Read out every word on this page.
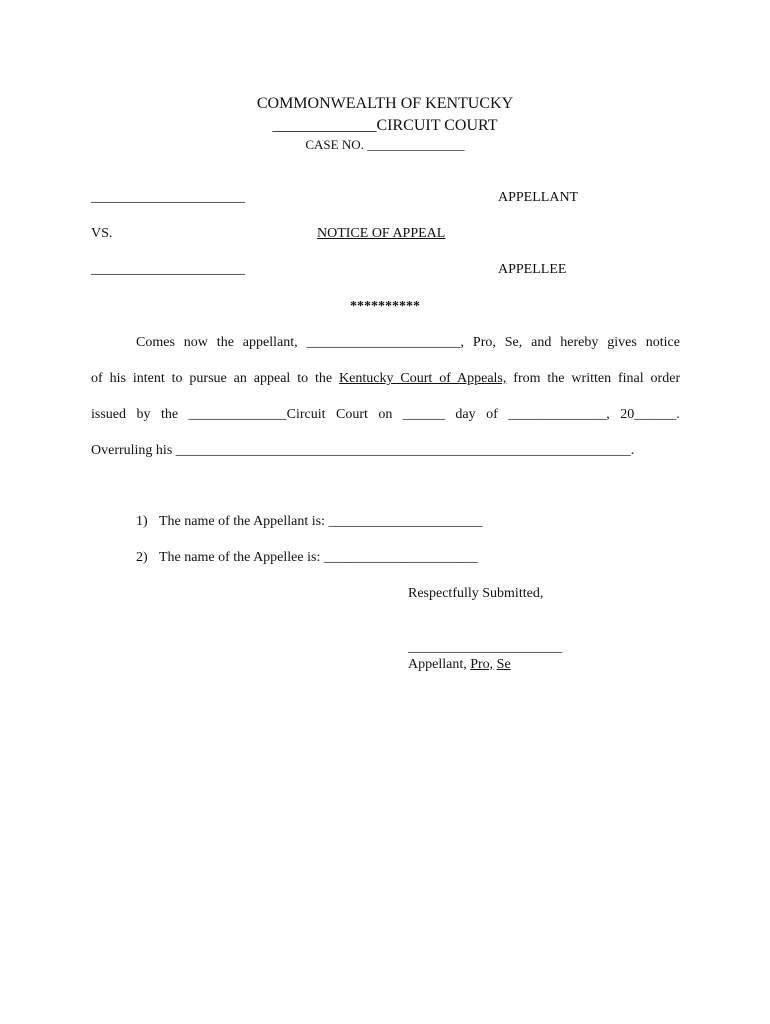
COMMONWEALTH OF KENTUCKY
_____________CIRCUIT COURT
CASE NO. _______________
______________________	APPELLANT
VS.	NOTICE OF APPEAL
______________________	APPELLEE
**********
Comes now the appellant, ______________________, Pro, Se, and hereby gives notice
of his intent to pursue an appeal to the Kentucky Court of Appeals, from the written final order
issued by the ______________Circuit Court on ______ day of ______________, 20______.
Overruling his _________________________________________________________________.
1) The name of the Appellant is: ______________________
2) The name of the Appellee is: ______________________
Respectfully Submitted,
______________________
Appellant, Pro, Se
